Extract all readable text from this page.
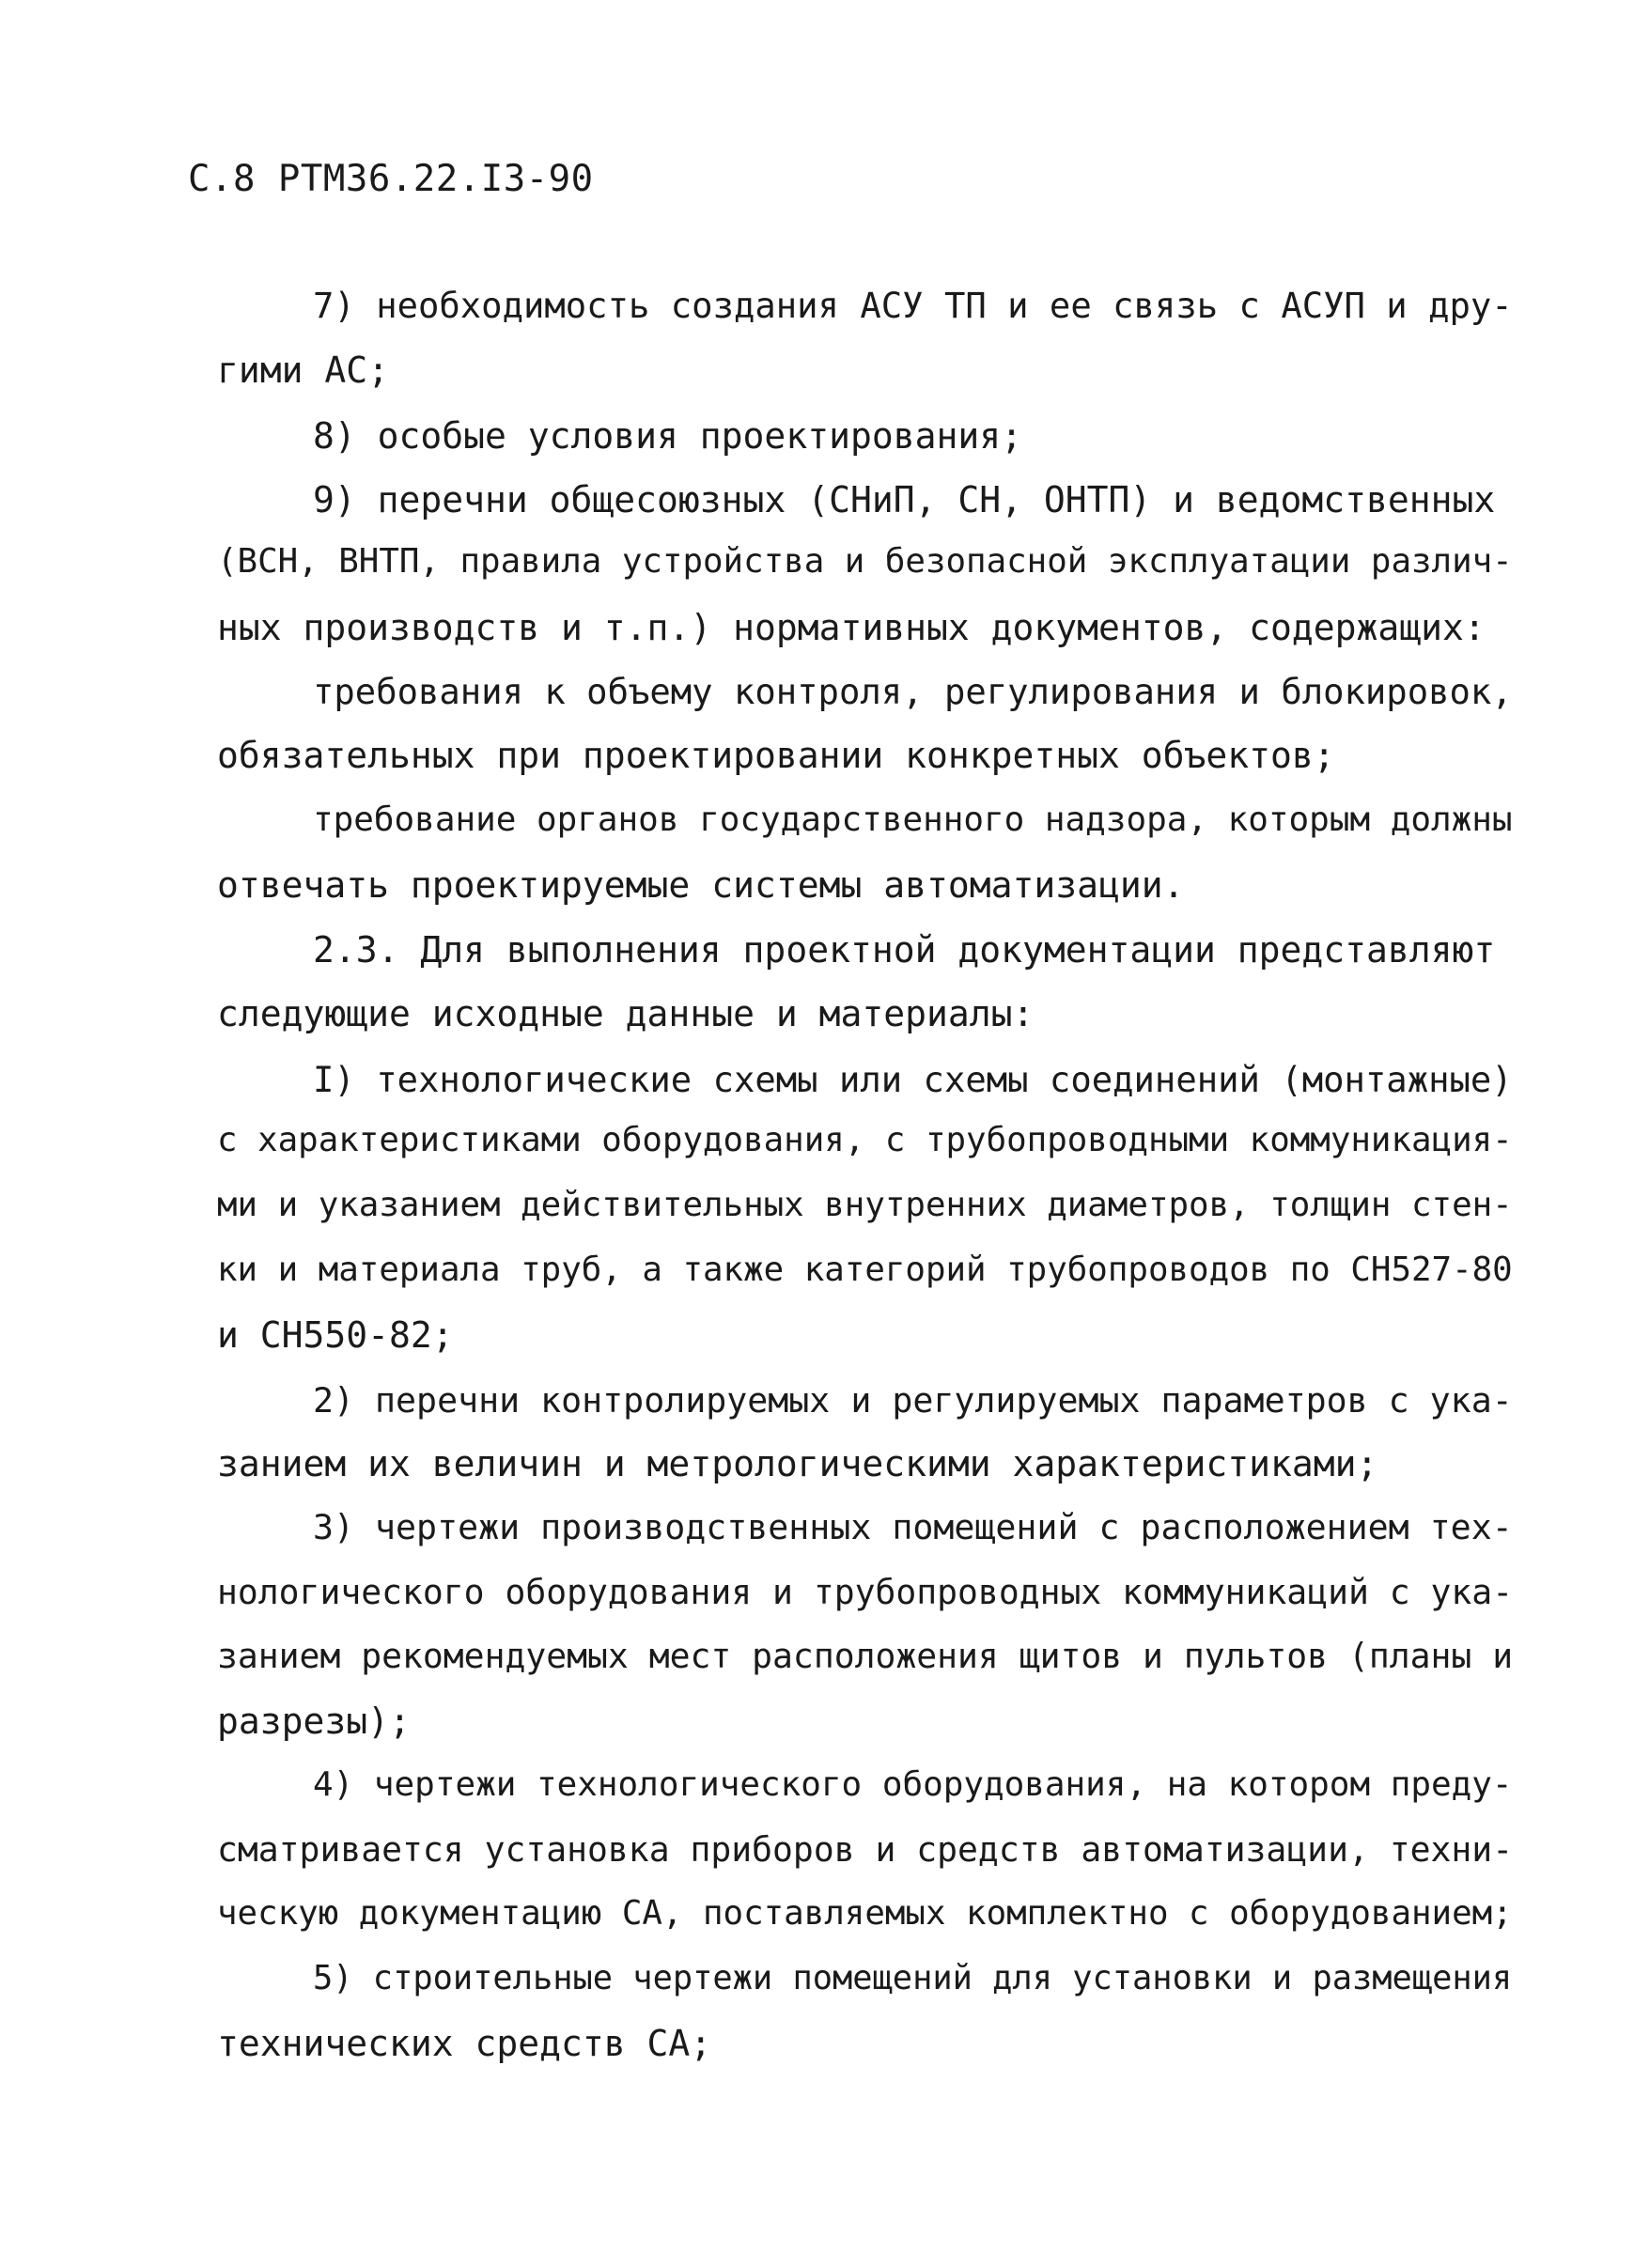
С.8 РТМ36.22.I3-90
7) необходимость создания АСУ ТП и ее связь с АСУП и дру-
гими АС;
8) особые условия проектирования;
9) перечни общесоюзных (СНиП, СН, ОНТП) и ведомственных
(ВСН, ВНТП, правила устройства и безопасной эксплуатации различ-
ных производств и т.п.) нормативных документов, содержащих:
требования к объему контроля, регулирования и блокировок,
обязательных при проектировании конкретных объектов;
требование органов государственного надзора, которым должны
отвечать проектируемые системы автоматизации.
2.3. Для выполнения проектной документации представляют
следующие исходные данные и материалы:
I) технологические схемы или схемы соединений (монтажные)
с характеристиками оборудования, с трубопроводными коммуникация-
ми и указанием действительных внутренних диаметров, толщин стен-
ки и материала труб, а также категорий трубопроводов по СН527-80
и СН550-82;
2) перечни контролируемых и регулируемых параметров с ука-
занием их величин и метрологическими характеристиками;
3) чертежи производственных помещений с расположением тех-
нологического оборудования и трубопроводных коммуникаций с ука-
занием рекомендуемых мест расположения щитов и пультов (планы и
разрезы);
4) чертежи технологического оборудования, на котором преду-
сматривается установка приборов и средств автоматизации, техни-
ческую документацию СА, поставляемых комплектно с оборудованием;
5) строительные чертежи помещений для установки и размещения
технических средств СА;
